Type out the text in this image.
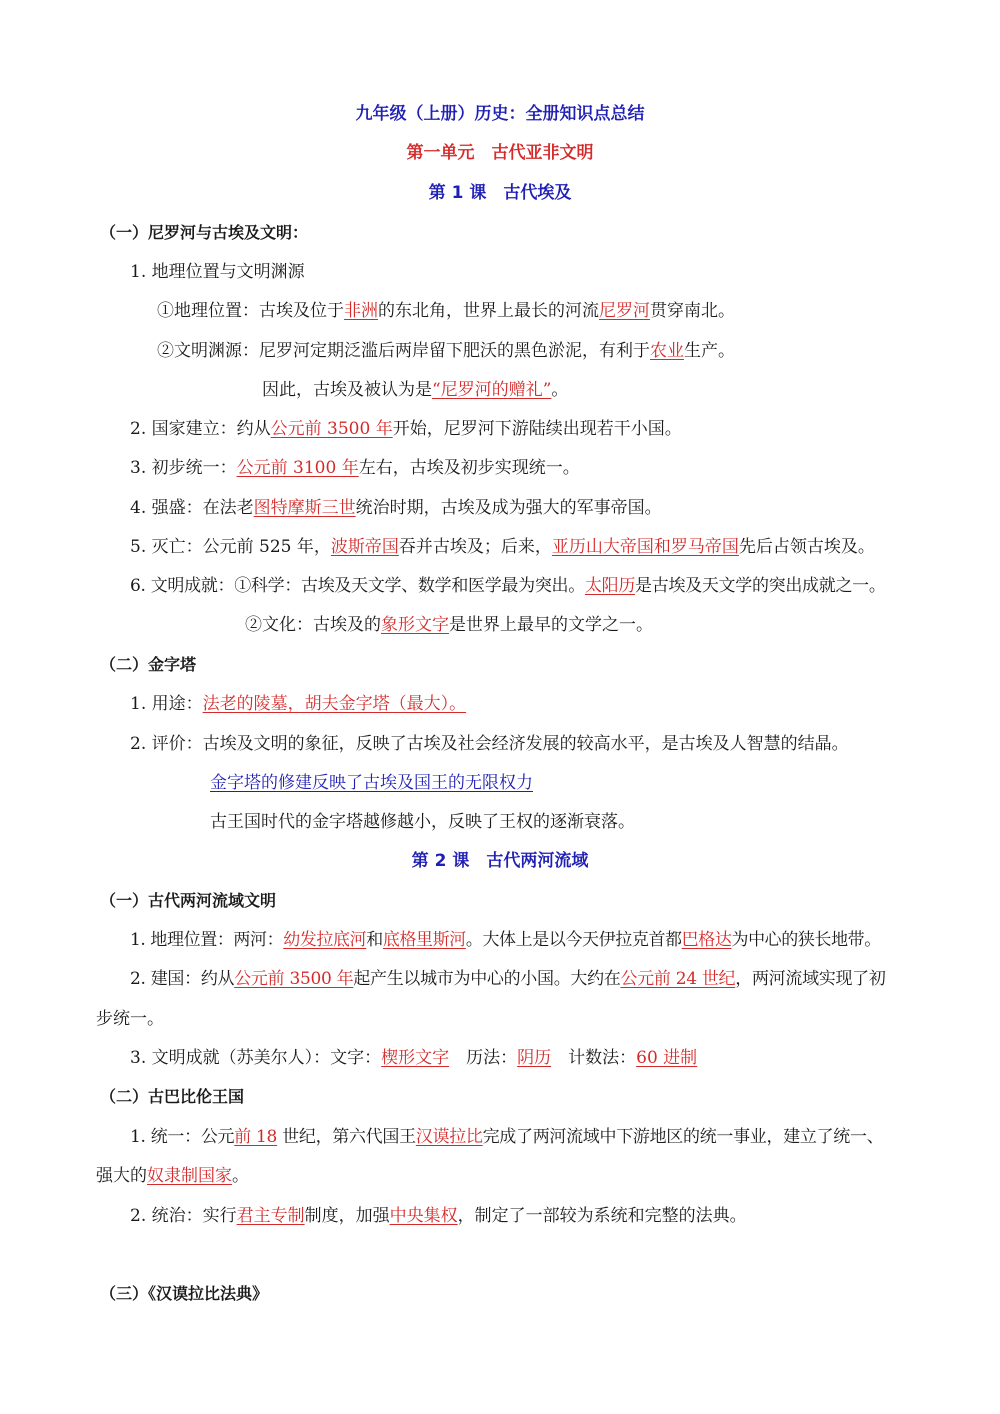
九年级（上册）历史：全册知识点总结
第一单元　古代亚非文明
第 1 课　古代埃及
（一）尼罗河与古埃及文明：
1. 地理位置与文明渊源
①地理位置：古埃及位于非洲的东北角，世界上最长的河流尼罗河贯穿南北。
②文明渊源：尼罗河定期泛滥后两岸留下肥沃的黑色淤泥，有利于农业生产。
因此，古埃及被认为是“尼罗河的赠礼”。
2. 国家建立：约从公元前 3500 年开始，尼罗河下游陆续出现若干小国。
3. 初步统一：公元前 3100 年左右，古埃及初步实现统一。
4. 强盛：在法老图特摩斯三世统治时期，古埃及成为强大的军事帝国。
5. 灭亡：公元前 525 年，波斯帝国吞并古埃及；后来，亚历山大帝国和罗马帝国先后占领古埃及。
6. 文明成就：①科学：古埃及天文学、数学和医学最为突出。太阳历是古埃及天文学的突出成就之一。
②文化：古埃及的象形文字是世界上最早的文学之一。
（二）金字塔
1. 用途：法老的陵墓，胡夫金字塔（最大）。
2. 评价：古埃及文明的象征，反映了古埃及社会经济发展的较高水平，是古埃及人智慧的结晶。
金字塔的修建反映了古埃及国王的无限权力
古王国时代的金字塔越修越小，反映了王权的逐渐衰落。
第 2 课　古代两河流域
（一）古代两河流域文明
1. 地理位置：两河：幼发拉底河和底格里斯河。大体上是以今天伊拉克首都巴格达为中心的狭长地带。
2. 建国：约从公元前 3500 年起产生以城市为中心的小国。大约在公元前 24 世纪，两河流域实现了初
步统一。
3. 文明成就（苏美尔人）：文字：楔形文字　历法：阴历　计数法：60 进制
（二）古巴比伦王国
1. 统一：公元前 18 世纪，第六代国王汉谟拉比完成了两河流域中下游地区的统一事业，建立了统一、
强大的奴隶制国家。
2. 统治：实行君主专制制度，加强中央集权，制定了一部较为系统和完整的法典。
（三）《汉谟拉比法典》
